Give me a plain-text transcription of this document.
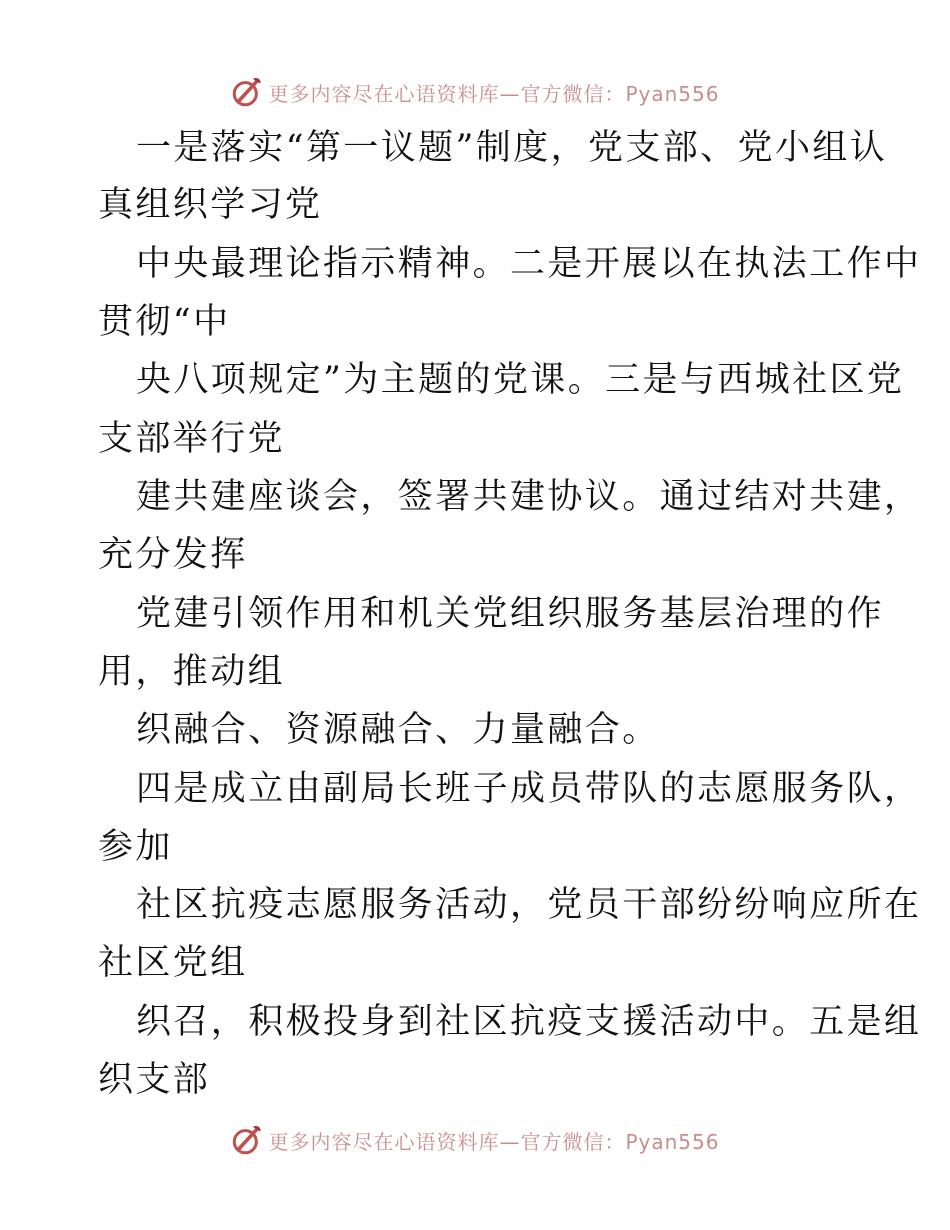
更多内容尽在心语资料库—官方微信：Pyan556
一是落实“第一议题”制度，党支部、党小组认
真组织学习党
中央最理论指示精神。二是开展以在执法工作中
贯彻“中
央八项规定”为主题的党课。三是与西城社区党
支部举行党
建共建座谈会，签署共建协议。通过结对共建，
充分发挥
党建引领作用和机关党组织服务基层治理的作
用，推动组
织融合、资源融合、力量融合。
四是成立由副局长班子成员带队的志愿服务队，
参加
社区抗疫志愿服务活动，党员干部纷纷响应所在
社区党组
织召，积极投身到社区抗疫支援活动中。五是组
织支部
更多内容尽在心语资料库—官方微信：Pyan556
